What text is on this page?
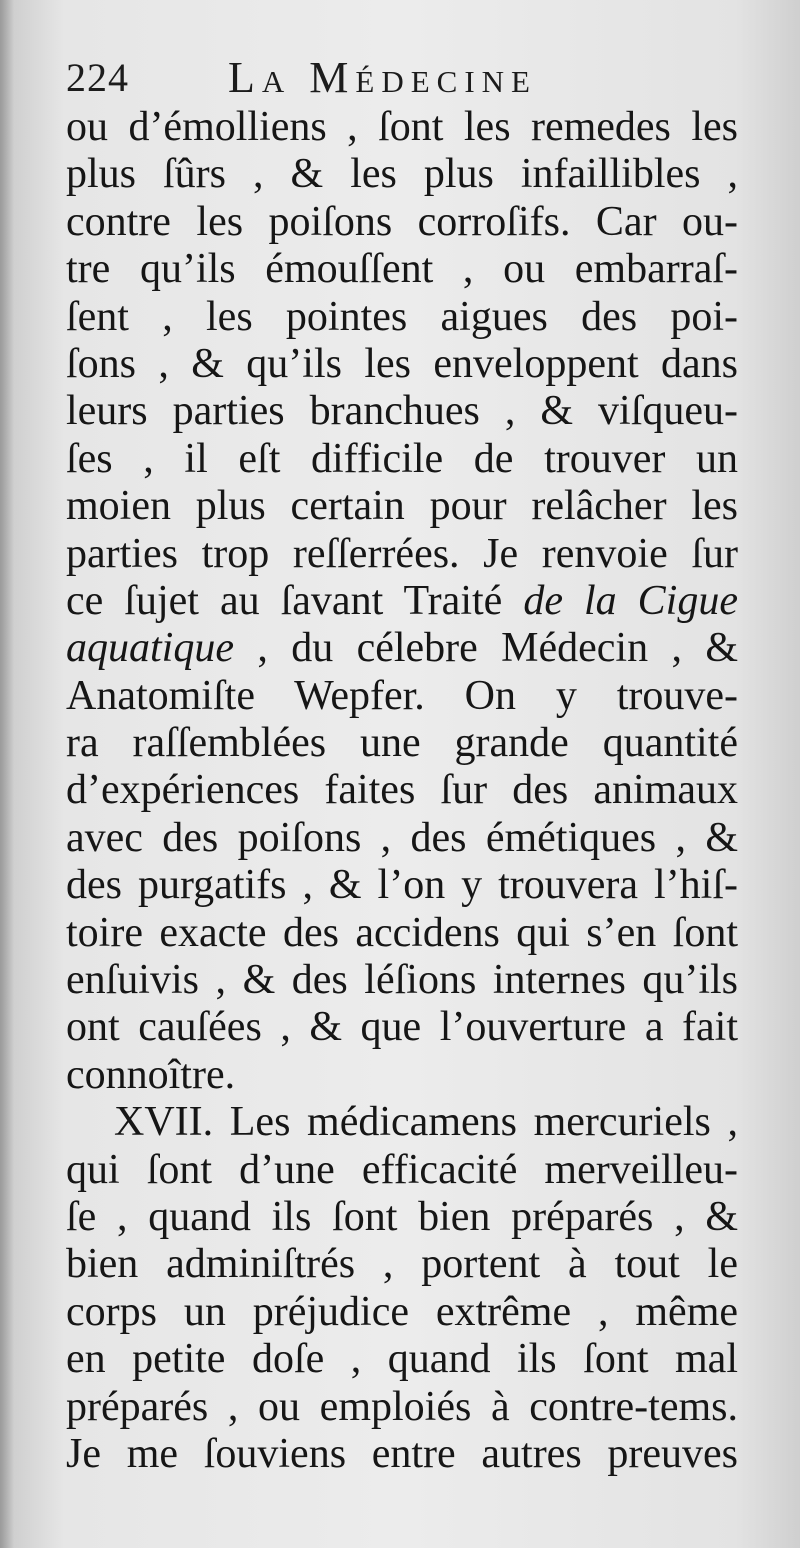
224 La Médecine
ou d’émolliens , ſont les remedes les
plus ſûrs , & les plus infaillibles ,
contre les poiſons corroſifs. Car ou-
tre qu’ils émouſſent , ou embarraſ-
ſent , les pointes aigues des poi-
ſons , & qu’ils les enveloppent dans
leurs parties branchues , & viſqueu-
ſes , il eſt difficile de trouver un
moien plus certain pour relâcher les
parties trop reſſerrées. Je renvoie ſur
ce ſujet au ſavant Traité de la Cigue
aquatique , du célebre Médecin , &
Anatomiſte Wepfer. On y trouve-
ra raſſemblées une grande quantité
d’expériences faites ſur des animaux
avec des poiſons , des émétiques , &
des purgatifs , & l’on y trouvera l’hiſ-
toire exacte des accidens qui s’en ſont
enſuivis , & des léſions internes qu’ils
ont cauſées , & que l’ouverture a fait
connoître.
XVII. Les médicamens mercuriels ,
qui ſont d’une efficacité merveilleu-
ſe , quand ils ſont bien préparés , &
bien adminiſtrés , portent à tout le
corps un préjudice extrême , même
en petite doſe , quand ils ſont mal
préparés , ou emploiés à contre-tems.
Je me ſouviens entre autres preuves
